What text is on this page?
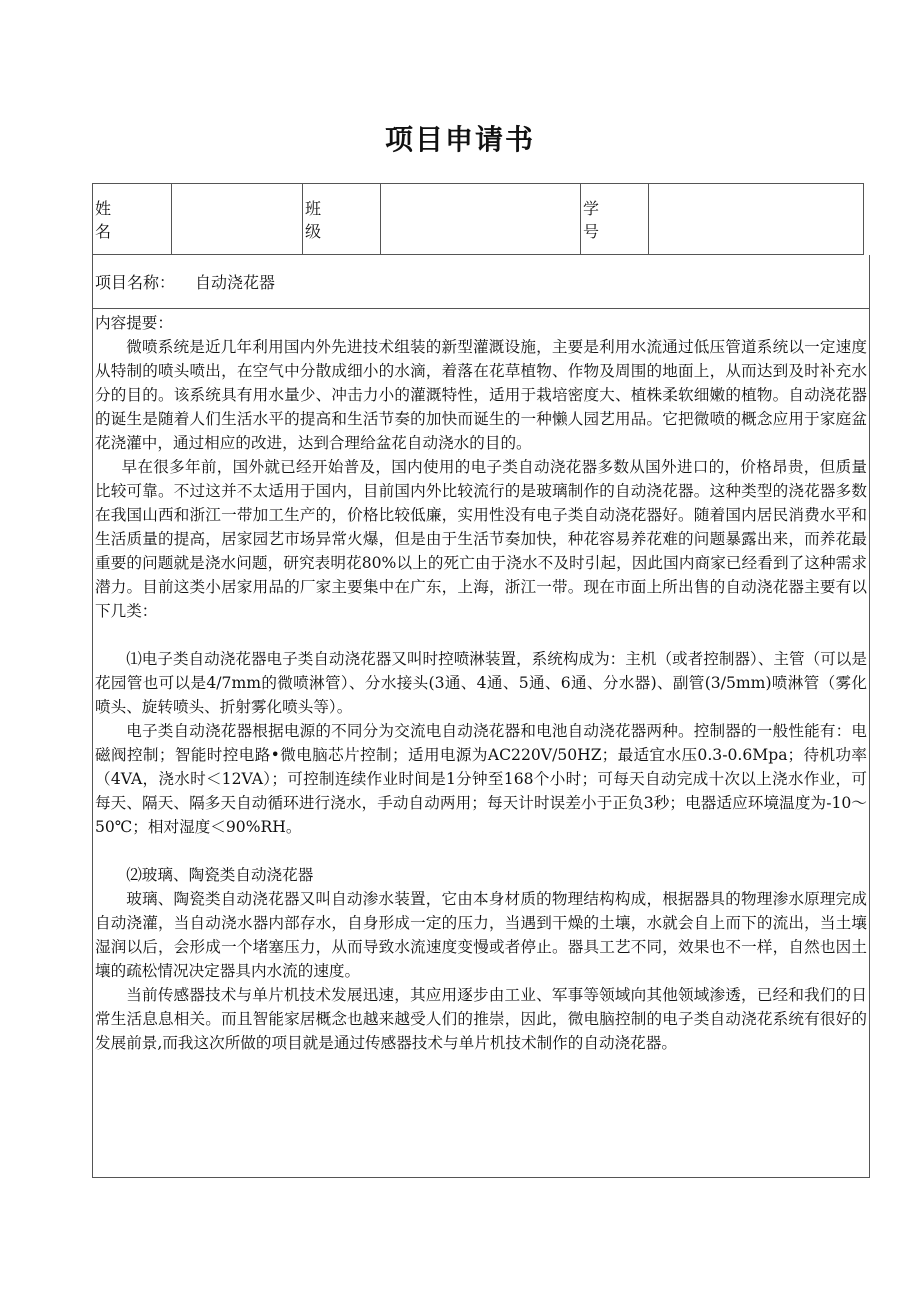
项目申请书
姓　名
班　级
学　号
项目名称： 自动浇花器

内容提要：

微喷系统是近几年利用国内外先进技术组装的新型灌溉设施，主要是利用水流通过低压管道系统以一定速度从特制的喷头喷出，在空气中分散成细小的水滴，着落在花草植物、作物及周围的地面上，从而达到及时补充水分的目的。该系统具有用水量少、冲击力小的灌溉特性，适用于栽培密度大、植株柔软细嫩的植物。自动浇花器的诞生是随着人们生活水平的提高和生活节奏的加快而诞生的一种懒人园艺用品。它把微喷的概念应用于家庭盆花浇灌中，通过相应的改进，达到合理给盆花自动浇水的目的。

早在很多年前，国外就已经开始普及，国内使用的电子类自动浇花器多数从国外进口的，价格昂贵，但质量比较可靠。不过这并不太适用于国内，目前国内外比较流行的是玻璃制作的自动浇花器。这种类型的浇花器多数在我国山西和浙江一带加工生产的，价格比较低廉，实用性没有电子类自动浇花器好。随着国内居民消费水平和生活质量的提高，居家园艺市场异常火爆，但是由于生活节奏加快，种花容易养花难的问题暴露出来，而养花最重要的问题就是浇水问题，研究表明花80%以上的死亡由于浇水不及时引起，因此国内商家已经看到了这种需求潜力。目前这类小居家用品的厂家主要集中在广东，上海，浙江一带。现在市面上所出售的自动浇花器主要有以下几类：

⑴电子类自动浇花器电子类自动浇花器又叫时控喷淋装置，系统构成为：主机（或者控制器）、主管（可以是花园管也可以是4/7mm的微喷淋管）、分水接头(3通、4通、5通、6通、分水器)、副管(3/5mm)喷淋管（雾化喷头、旋转喷头、折射雾化喷头等）。

电子类自动浇花器根据电源的不同分为交流电自动浇花器和电池自动浇花器两种。控制器的一般性能有：电磁阀控制；智能时控电路•微电脑芯片控制；适用电源为AC220V/50HZ；最适宜水压0.3-0.6Mpa；待机功率（4VA，浇水时＜12VA）；可控制连续作业时间是1分钟至168个小时；可每天自动完成十次以上浇水作业，可每天、隔天、隔多天自动循环进行浇水，手动自动两用；每天计时误差小于正负3秒；电器适应环境温度为-10～50℃；相对湿度＜90%RH。

⑵玻璃、陶瓷类自动浇花器

玻璃、陶瓷类自动浇花器又叫自动渗水装置，它由本身材质的物理结构构成，根据器具的物理渗水原理完成自动浇灌，当自动浇水器内部存水，自身形成一定的压力，当遇到干燥的土壤，水就会自上而下的流出，当土壤湿润以后，会形成一个堵塞压力，从而导致水流速度变慢或者停止。器具工艺不同，效果也不一样，自然也因土壤的疏松情况决定器具内水流的速度。

当前传感器技术与单片机技术发展迅速，其应用逐步由工业、军事等领域向其他领域渗透，已经和我们的日常生活息息相关。而且智能家居概念也越来越受人们的推崇，因此，微电脑控制的电子类自动浇花系统有很好的发展前景,而我这次所做的项目就是通过传感器技术与单片机技术制作的自动浇花器。
